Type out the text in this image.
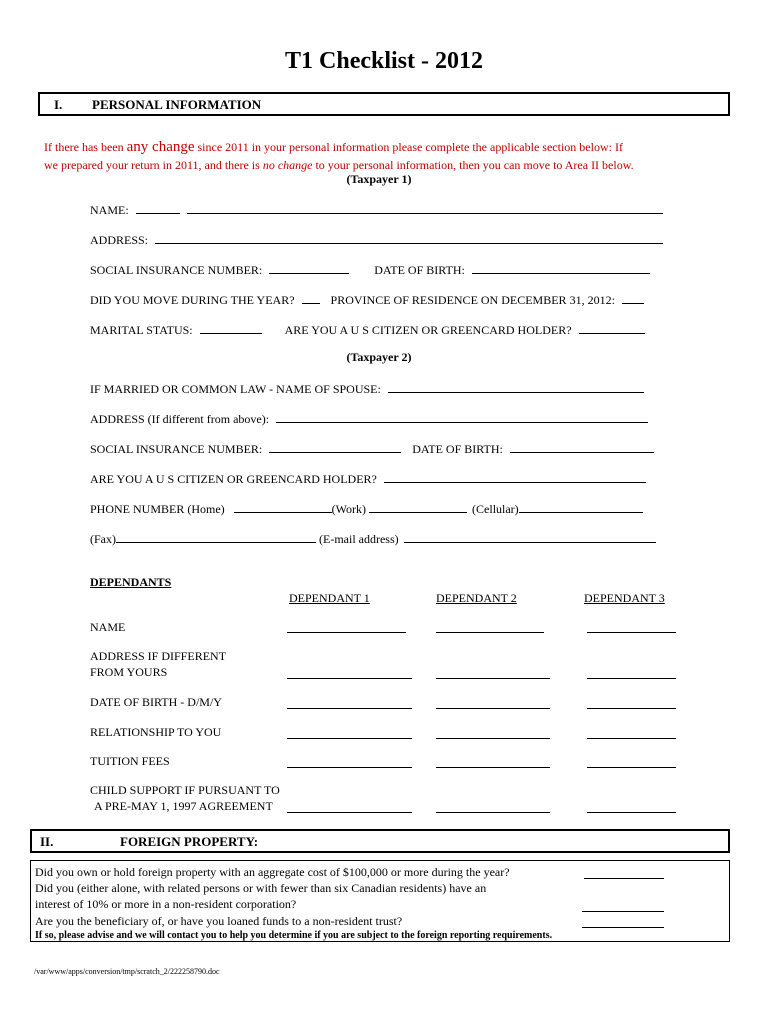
T1 Checklist - 2012
I. PERSONAL INFORMATION
If there has been any change since 2011 in your personal information please complete the applicable section below: If
we prepared your return in 2011, and there is no change to your personal information, then you can move to Area II below.
(Taxpayer 1)
NAME:
ADDRESS:
SOCIAL INSURANCE NUMBER:	DATE OF BIRTH:
DID YOU MOVE DURING THE YEAR?	PROVINCE OF RESIDENCE ON DECEMBER 31, 2012:
MARITAL STATUS:	ARE YOU A U S CITIZEN OR GREENCARD HOLDER?
(Taxpayer 2)
IF MARRIED OR COMMON LAW - NAME OF SPOUSE:
ADDRESS (If different from above):
SOCIAL INSURANCE NUMBER:	DATE OF BIRTH:
ARE YOU A U S CITIZEN OR GREENCARD HOLDER?
PHONE NUMBER (Home)	(Work)	(Cellular)
(Fax)	(E-mail address)
DEPENDANTS
DEPENDANT 1	DEPENDANT 2	DEPENDANT 3
NAME
ADDRESS IF DIFFERENT
FROM YOURS
DATE OF BIRTH - D/M/Y
RELATIONSHIP TO YOU
TUITION FEES
CHILD SUPPORT IF PURSUANT TO
A PRE-MAY 1, 1997 AGREEMENT
II.	FOREIGN PROPERTY:
Did you own or hold foreign property with an aggregate cost of $100,000 or more during the year?
Did you (either alone, with related persons or with fewer than six Canadian residents) have an
interest of 10% or more in a non-resident corporation?
Are you the beneficiary of, or have you loaned funds to a non-resident trust?
If so, please advise and we will contact you to help you determine if you are subject to the foreign reporting requirements.
/var/www/apps/conversion/tmp/scratch_2/222258790.doc
